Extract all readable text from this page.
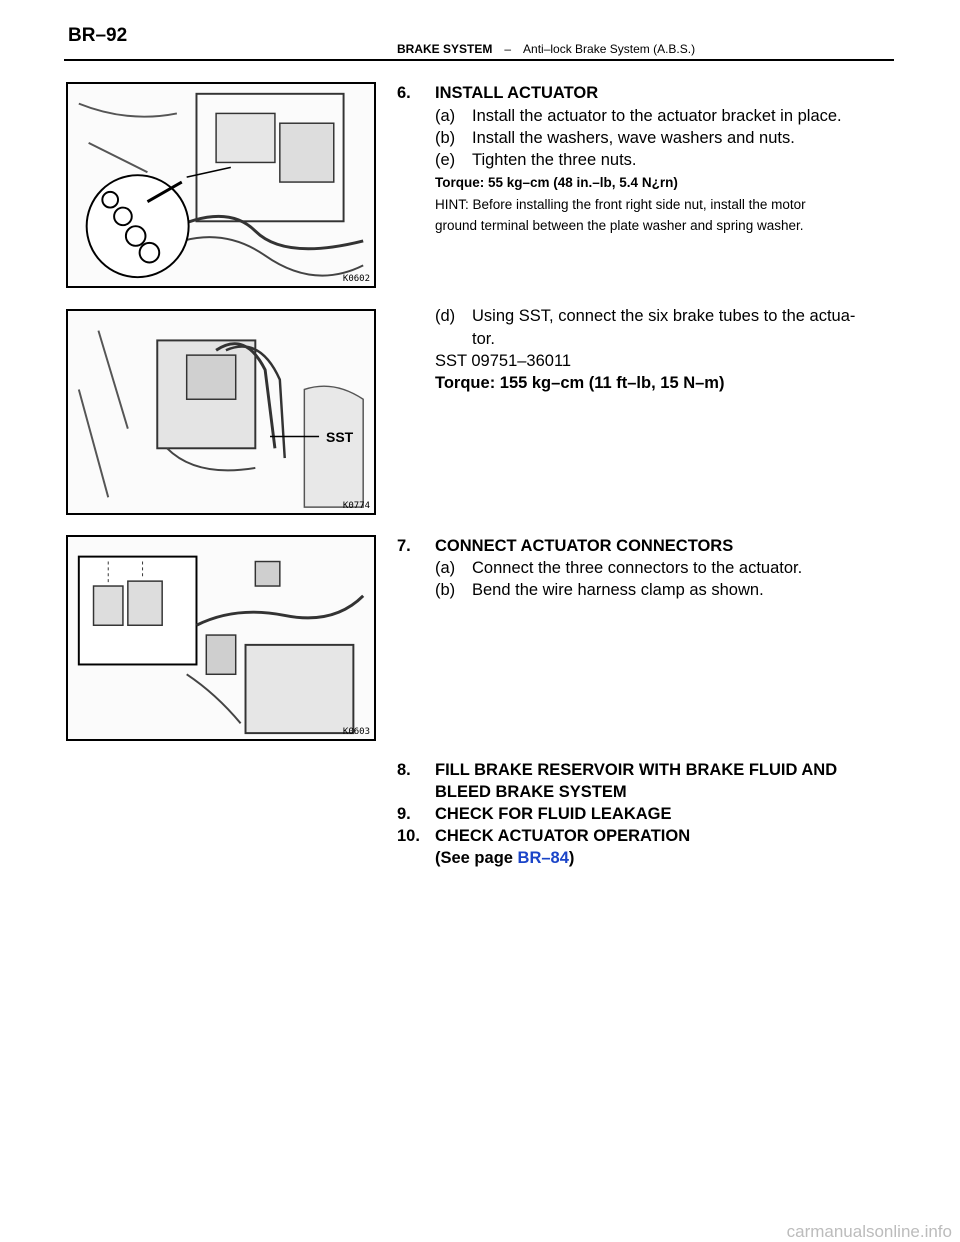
BR–92
BRAKE SYSTEM – Anti–lock Brake System (A.B.S.)
K0602
SST
K0774
K0603
6. INSTALL ACTUATOR
(a) Install the actuator to the actuator bracket in place.
(b) Install the washers, wave washers and nuts.
(e) Tighten the three nuts.
Torque: 55 kg–cm (48 in.–lb, 5.4 N¿rn)
HINT: Before installing the front right side nut, install the motor
ground terminal between the plate washer and spring washer.
(d) Using SST, connect the six brake tubes to the actua-
tor.
SST 09751–36011
Torque: 155 kg–cm (11 ft–lb, 15 N–m)
7. CONNECT ACTUATOR CONNECTORS
(a) Connect the three connectors to the actuator.
(b) Bend the wire harness clamp as shown.
8. FILL BRAKE RESERVOIR WITH BRAKE FLUID AND
BLEED BRAKE SYSTEM
9. CHECK FOR FLUID LEAKAGE
10. CHECK ACTUATOR OPERATION
(See page BR–84)
carmanualsonline.info
